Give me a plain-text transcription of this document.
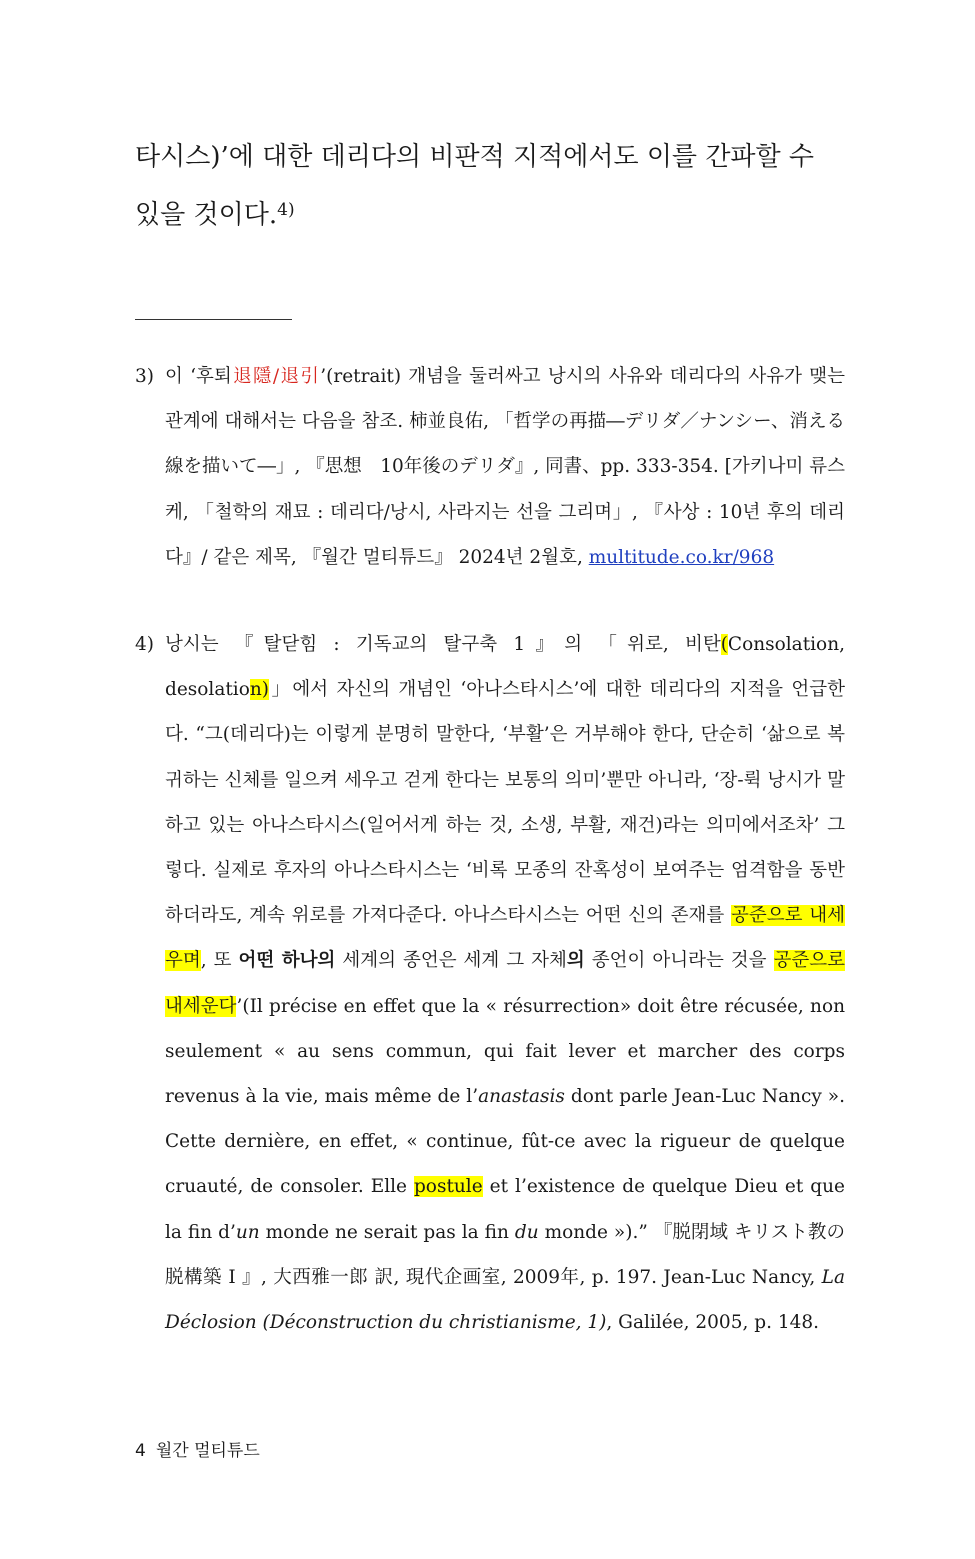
타시스)’에 대한 데리다의 비판적 지적에서도 이를 간파할 수 있을 것이다.$^{4)}$

3) 이 ‘후퇴退隱/退引’(retrait) 개념을 둘러싸고 낭시의 사유와 데리다의 사유가 맺는 관계에 대해서는 다음을 참조. 柿並良佑, 「哲学の再描―デリダ／ナンシー、消える線を描いて―」, 『思想　10年後のデリダ』, 同書、pp. 333-354. [가키나미 류스케, 「철학의 재묘 : 데리다/낭시, 사라지는 선을 그리며」, 『사상 : 10년 후의 데리다』/ 같은 제목, 『월간 멀티튜드』 2024년 2월호, multitude.co.kr/968
4) 낭시는 『탈닫힘 : 기독교의 탈구축 1』의 「위로, 비탄(Consolation, desolation)」에서 자신의 개념인 ‘아나스타시스’에 대한 데리다의 지적을 언급한다. “그(데리다)는 이렇게 분명히 말한다, ‘부활’은 거부해야 한다, 단순히 ‘삶으로 복귀하는 신체를 일으켜 세우고 걷게 한다는 보통의 의미’뿐만 아니라, ‘장-뤽 낭시가 말하고 있는 아나스타시스(일어서게 하는 것, 소생, 부활, 재건)라는 의미에서조차’ 그렇다. 실제로 후자의 아나스타시스는 ‘비록 모종의 잔혹성이 보여주는 엄격함을 동반하더라도, 계속 위로를 가져다준다. 아나스타시스는 어떤 신의 존재를 공준으로 내세우며, 또 어떤 하나의 세계의 종언은 세계 그 자체의 종언이 아니라는 것을 공준으로 내세운다’(Il précise en effet que la « résurrection» doit être récusée, non seulement « au sens commun, qui fait lever et marcher des corps revenus à la vie, mais même de l’anastasis dont parle Jean-Luc Nancy ». Cette dernière, en effet, « continue, fût-ce avec la rigueur de quelque cruauté, de consoler. Elle postule et l’existence de quelque Dieu et que la fin d’un monde ne serait pas la fin du monde »).” 『脱閉域 キリスト教の脱構築 I 』, 大西雅一郎 訳, 現代企画室, 2009年, p. 197. Jean-Luc Nancy, La Déclosion (Déconstruction du christianisme, 1), Galilée, 2005, p. 148.
4 월간 멀티튜드
